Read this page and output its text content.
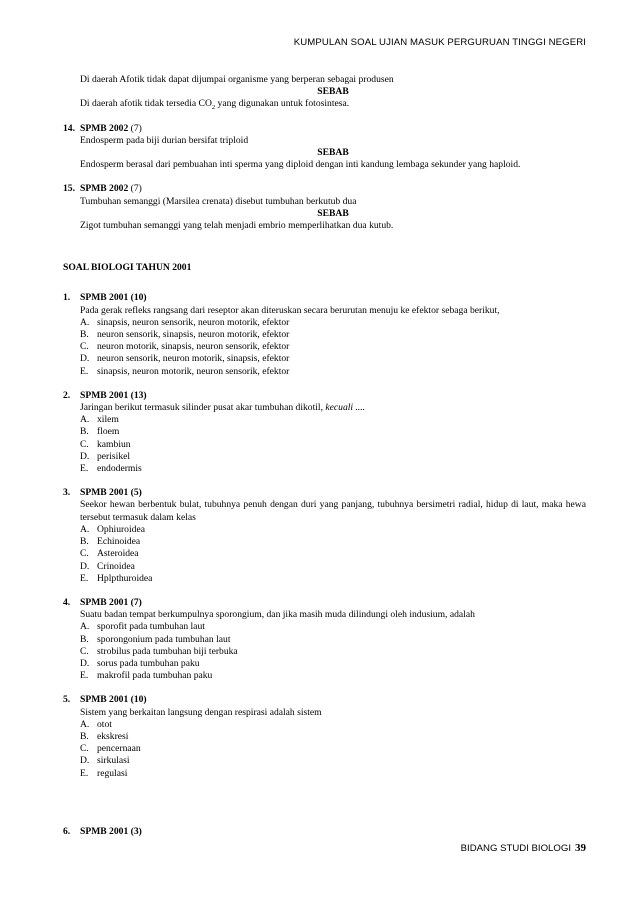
KUMPULAN SOAL UJIAN MASUK PERGURUAN TINGGI NEGERI
Di daerah Afotik tidak dapat dijumpai organisme yang berperan sebagai produsen
SEBAB
Di daerah afotik tidak tersedia $CO_2$ yang digunakan untuk fotosintesa.
14. SPMB 2002 (7)
Endosperm pada biji durian bersifat triploid
SEBAB
Endosperm berasal dari pembuahan inti sperma yang diploid dengan inti kandung lembaga sekunder yang haploid.
15. SPMB 2002 (7)
Tumbuhan semanggi (Marsilea crenata) disebut tumbuhan berkutub dua
SEBAB
Zigot tumbuhan semanggi yang telah menjadi embrio memperlihatkan dua kutub.
SOAL BIOLOGI TAHUN 2001
1. SPMB 2001 (10)
Pada gerak refleks rangsang dari reseptor akan diteruskan secara berurutan menuju ke efektor sebaga berikut,
A. sinapsis, neuron sensorik, neuron motorik, efektor
B. neuron sensorik, sinapsis, neuron motorik, efektor
C. neuron motorik, sinapsis, neuron sensorik, efektor
D. neuron sensorik, neuron motorik, sinapsis, efektor
E. sinapsis, neuron motorik, neuron sensorik, efektor
2. SPMB 2001 (13)
Jaringan berikut termasuk silinder pusat akar tumbuhan dikotil, kecuali ....
A. xilem
B. floem
C. kambiun
D. perisikel
E. endodermis
3. SPMB 2001 (5)
Seekor hewan berbentuk bulat, tubuhnya penuh dengan duri yang panjang, tubuhnya bersimetri radial, hidup di laut, maka hewa tersebut termasuk dalam kelas
A. Ophiuroidea
B. Echinoidea
C. Asteroidea
D. Crinoidea
E. Hplpthuroidea
4. SPMB 2001 (7)
Suatu badan tempat berkumpulnya sporongium, dan jika masih muda dilindungi oleh indusium, adalah
A. sporofit pada tumbuhan laut
B. sporongonium pada tumbuhan laut
C. strobilus pada tumbuhan biji terbuka
D. sorus pada tumbuhan paku
E. makrofil pada tumbuhan paku
5. SPMB 2001 (10)
Sistem yang berkaitan langsung dengan respirasi adalah sistem
A. otot
B. ekskresi
C. pencernaan
D. sirkulasi
E. regulasi
6. SPMB 2001 (3)
BIDANG STUDI BIOLOGI 39
